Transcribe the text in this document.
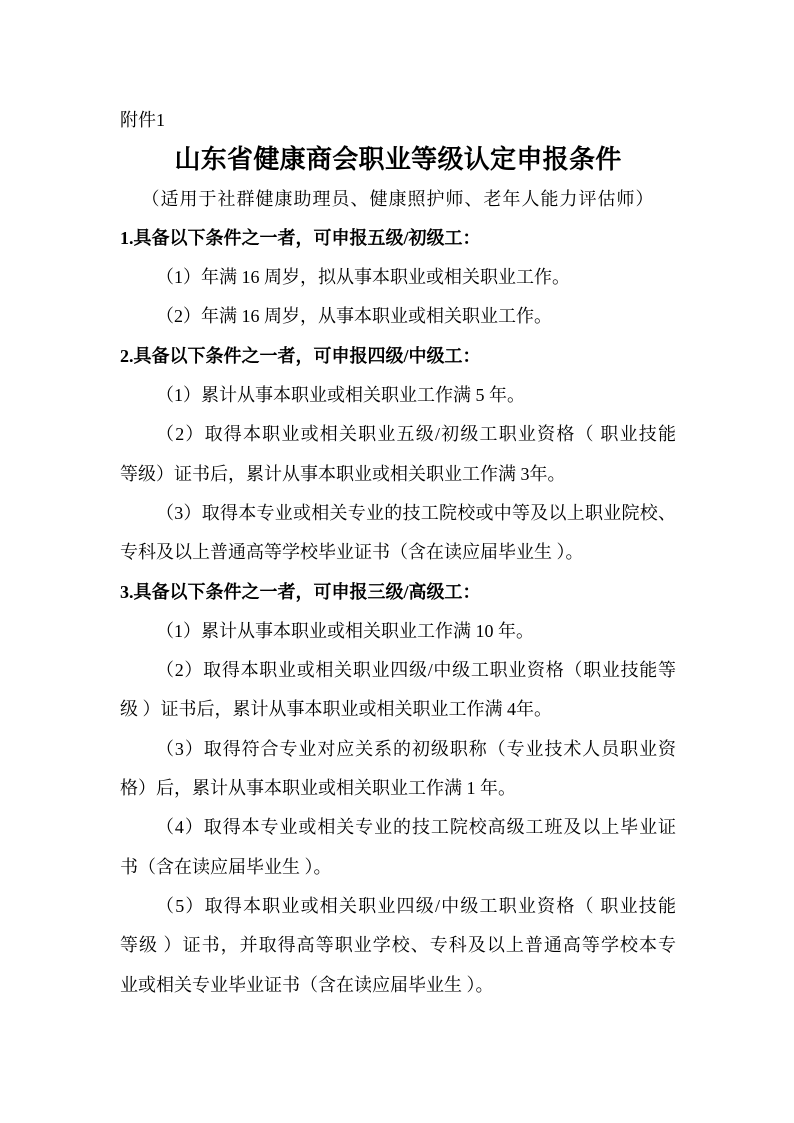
附件1
山东省健康商会职业等级认定申报条件
（适用于社群健康助理员、健康照护师、老年人能力评估师）
1.具备以下条件之一者，可申报五级/初级工：
（1）年满 16 周岁，拟从事本职业或相关职业工作。
（2）年满 16 周岁，从事本职业或相关职业工作。
2.具备以下条件之一者，可申报四级/中级工：
（1）累计从事本职业或相关职业工作满 5 年。
（2）取得本职业或相关职业五级/初级工职业资格（ 职业技能
等级）证书后，累计从事本职业或相关职业工作满 3年。
（3）取得本专业或相关专业的技工院校或中等及以上职业院校、
专科及以上普通高等学校毕业证书（含在读应届毕业生 ）。
3.具备以下条件之一者，可申报三级/高级工：
（1）累计从事本职业或相关职业工作满 10 年。
（2）取得本职业或相关职业四级/中级工职业资格（职业技能等
级 ）证书后，累计从事本职业或相关职业工作满 4年。
（3）取得符合专业对应关系的初级职称（专业技术人员职业资
格）后，累计从事本职业或相关职业工作满 1 年。
（4）取得本专业或相关专业的技工院校高级工班及以上毕业证
书（含在读应届毕业生 ）。
（5）取得本职业或相关职业四级/中级工职业资格（ 职业技能
等级 ）证书，并取得高等职业学校、专科及以上普通高等学校本专
业或相关专业毕业证书（含在读应届毕业生 ）。
